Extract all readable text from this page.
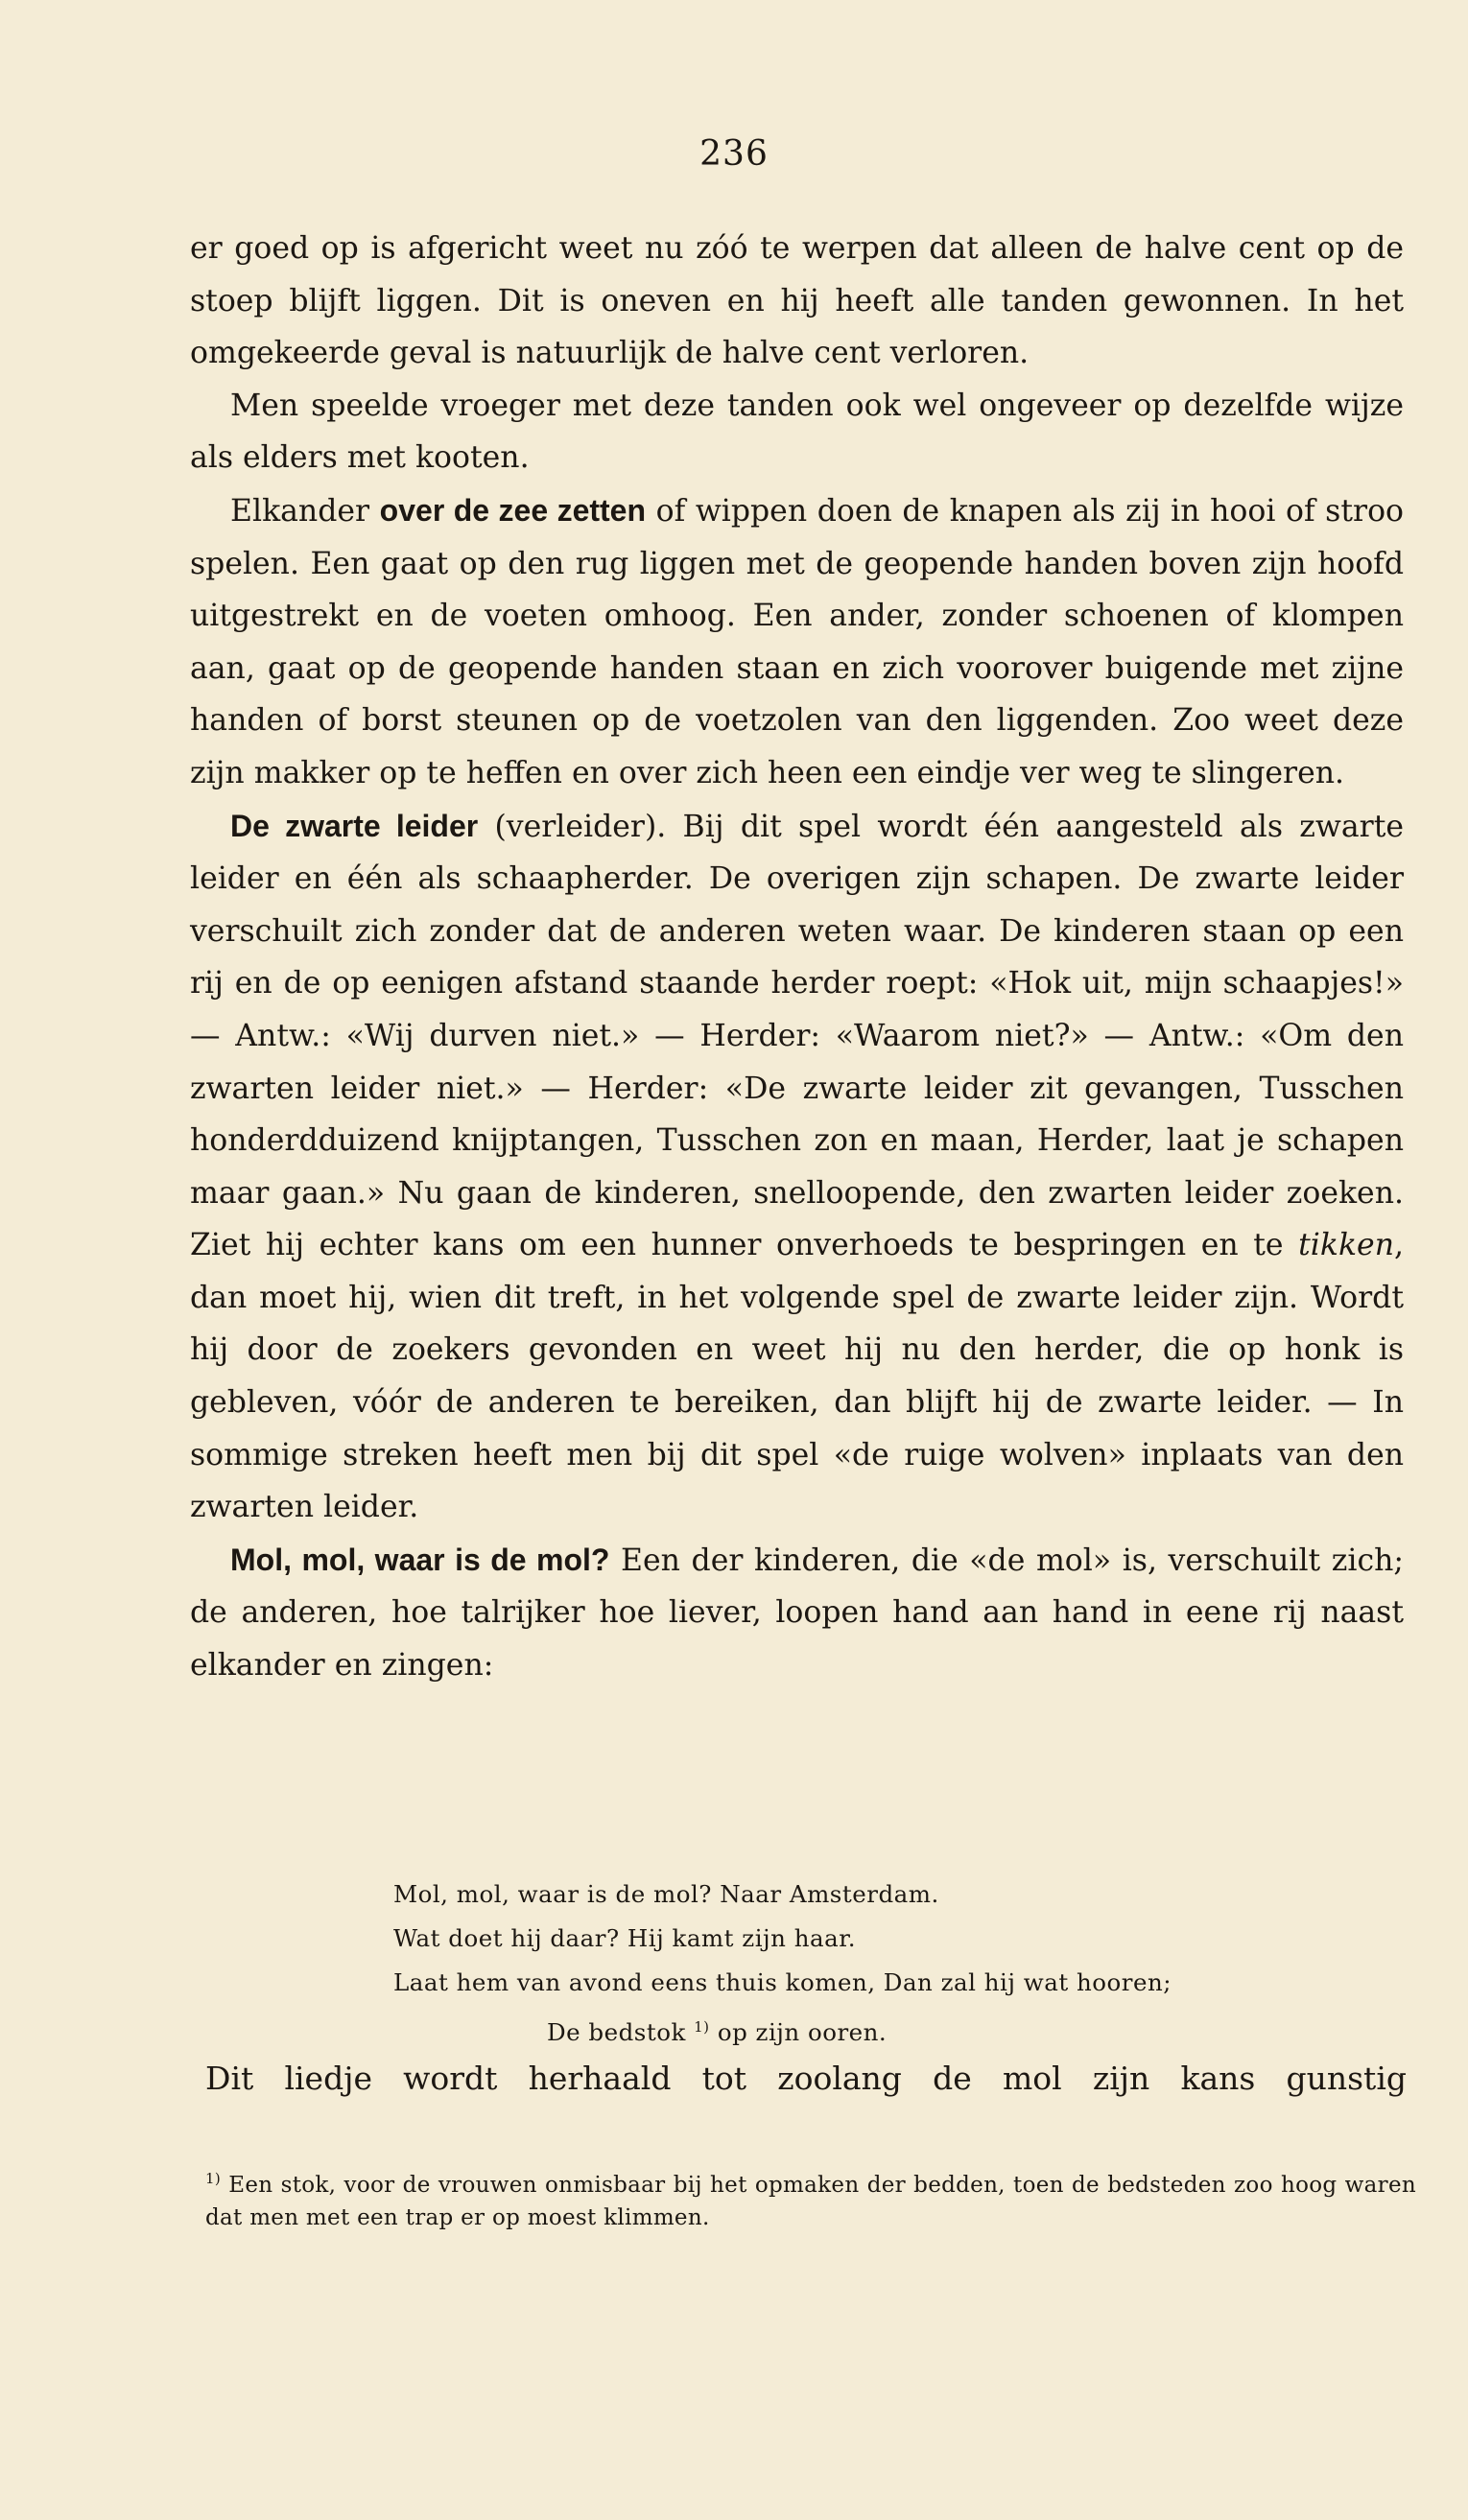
236

er goed op is afgericht weet nu zóó te werpen dat alleen de halve cent op de stoep blijft liggen. Dit is oneven en hij heeft alle tanden gewonnen. In het omgekeerde geval is natuurlijk de halve cent verloren.

Men speelde vroeger met deze tanden ook wel ongeveer op dezelfde wijze als elders met kooten.

Elkander over de zee zetten of wippen doen de knapen als zij in hooi of stroo spelen. Een gaat op den rug liggen met de geopende handen boven zijn hoofd uitgestrekt en de voeten omhoog. Een ander, zonder schoenen of klompen aan, gaat op de geopende handen staan en zich voorover buigende met zijne handen of borst steunen op de voetzolen van den liggenden. Zoo weet deze zijn makker op te heffen en over zich heen een eindje ver weg te slingeren.

De zwarte leider (verleider). Bij dit spel wordt één aangesteld als zwarte leider en één als schaapherder. De overigen zijn schapen. De zwarte leider verschuilt zich zonder dat de anderen weten waar. De kinderen staan op een rij en de op eenigen afstand staande herder roept: «Hok uit, mijn schaapjes!» — Antw.: «Wij durven niet.» — Herder: «Waarom niet?» — Antw.: «Om den zwarten leider niet.» — Herder: «De zwarte leider zit gevangen, Tusschen honderdduizend knijptangen, Tusschen zon en maan, Herder, laat je schapen maar gaan.» Nu gaan de kinderen, snelloopende, den zwarten leider zoeken. Ziet hij echter kans om een hunner onverhoeds te bespringen en te tikken, dan moet hij, wien dit treft, in het volgende spel de zwarte leider zijn. Wordt hij door de zoekers gevonden en weet hij nu den herder, die op honk is gebleven, vóór de anderen te bereiken, dan blijft hij de zwarte leider. — In sommige streken heeft men bij dit spel «de ruige wolven» inplaats van den zwarten leider.

Mol, mol, waar is de mol? Een der kinderen, die «de mol» is, verschuilt zich; de anderen, hoe talrijker hoe liever, loopen hand aan hand in eene rij naast elkander en zingen:

Mol, mol, waar is de mol? Naar Amsterdam.
Wat doet hij daar? Hij kamt zijn haar.
Laat hem van avond eens thuis komen, Dan zal hij wat hooren;
De bedstok $^{1)}$ op zijn ooren.
Dit liedje wordt herhaald tot zoolang de mol zijn kans gunstig
$^{1)}$ Een stok, voor de vrouwen onmisbaar bij het opmaken der bedden, toen de bedsteden zoo hoog waren dat men met een trap er op moest klimmen.
